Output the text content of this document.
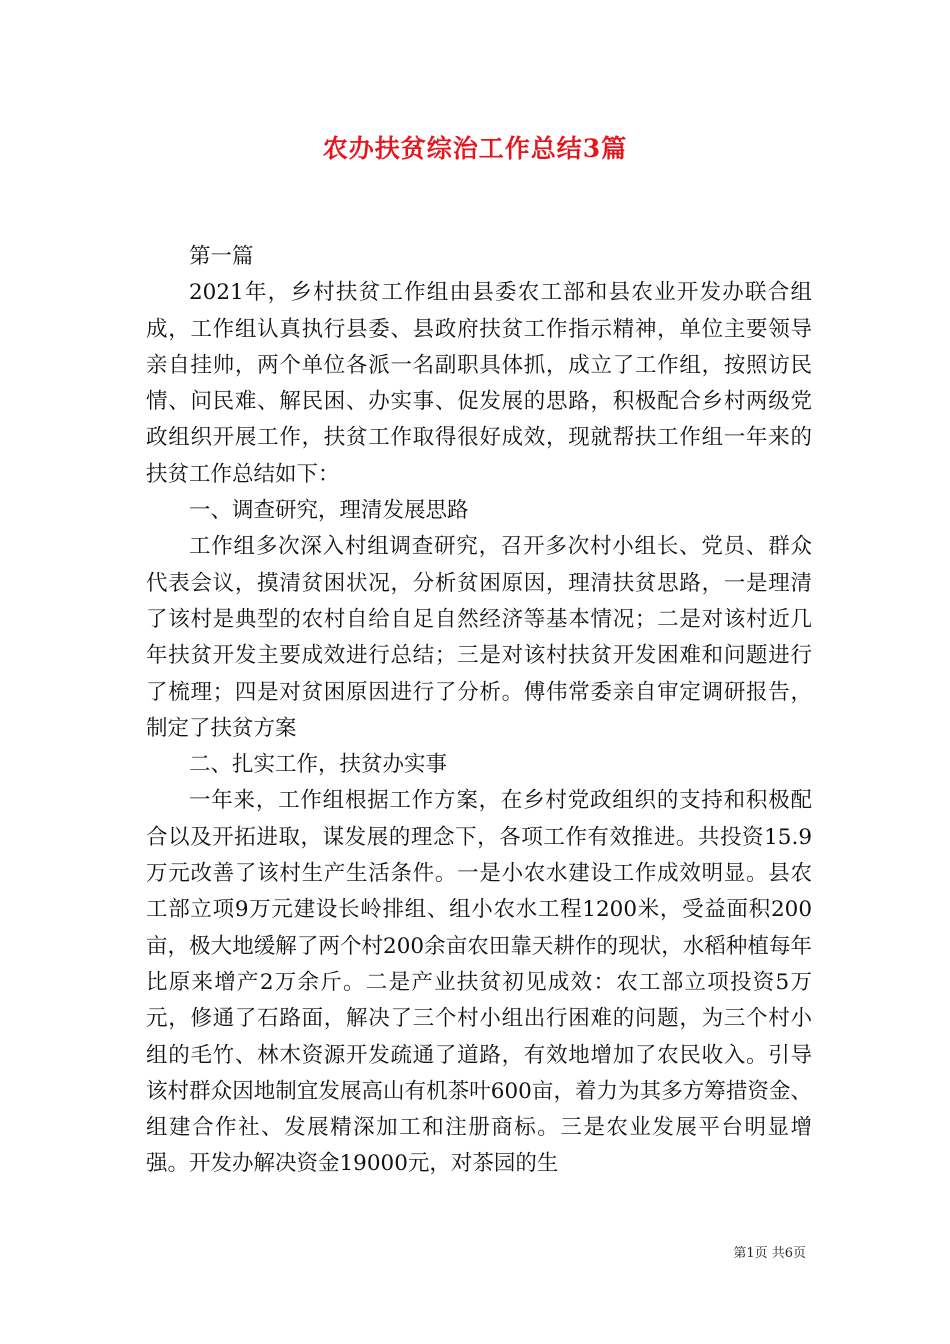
农办扶贫综治工作总结3篇

第一篇

2021年，乡村扶贫工作组由县委农工部和县农业开发办联合组成，工作组认真执行县委、县政府扶贫工作指示精神，单位主要领导亲自挂帅，两个单位各派一名副职具体抓，成立了工作组，按照访民情、问民难、解民困、办实事、促发展的思路，积极配合乡村两级党政组织开展工作，扶贫工作取得很好成效，现就帮扶工作组一年来的扶贫工作总结如下：

一、调查研究，理清发展思路

工作组多次深入村组调查研究，召开多次村小组长、党员、群众代表会议，摸清贫困状况，分析贫困原因，理清扶贫思路，一是理清了该村是典型的农村自给自足自然经济等基本情况；二是对该村近几年扶贫开发主要成效进行总结；三是对该村扶贫开发困难和问题进行了梳理；四是对贫困原因进行了分析。傅伟常委亲自审定调研报告，制定了扶贫方案

二、扎实工作，扶贫办实事

一年来，工作组根据工作方案，在乡村党政组织的支持和积极配合以及开拓进取，谋发展的理念下，各项工作有效推进。共投资15.9万元改善了该村生产生活条件。一是小农水建设工作成效明显。县农工部立项9万元建设长岭排组、组小农水工程1200米，受益面积200亩，极大地缓解了两个村200余亩农田靠天耕作的现状，水稻种植每年比原来增产2万余斤。二是产业扶贫初见成效：农工部立项投资5万元，修通了石路面，解决了三个村小组出行困难的问题，为三个村小组的毛竹、林木资源开发疏通了道路，有效地增加了农民收入。引导该村群众因地制宜发展高山有机茶叶600亩，着力为其多方筹措资金、组建合作社、发展精深加工和注册商标。三是农业发展平台明显增强。开发办解决资金19000元，对茶园的生

第1页 共6页
